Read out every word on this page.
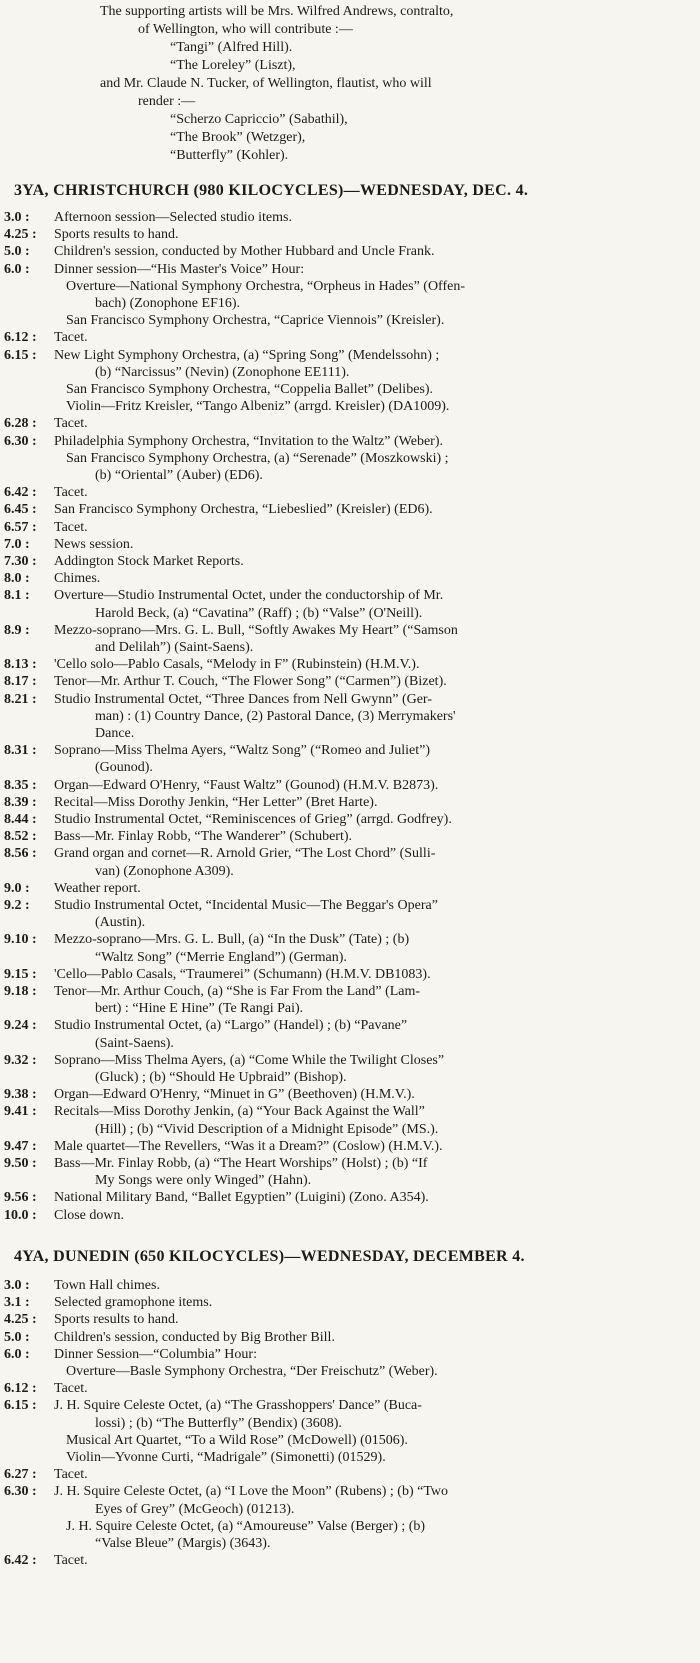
The supporting artists will be Mrs. Wilfred Andrews, contralto,
of Wellington, who will contribute :—
“Tangi” (Alfred Hill).
“The Loreley” (Liszt),
and Mr. Claude N. Tucker, of Wellington, flautist, who will
render :—
“Scherzo Capriccio” (Sabathil),
“The Brook” (Wetzger),
“Butterfly” (Kohler).
3YA, CHRISTCHURCH (980 KILOCYCLES)—WEDNESDAY, DEC. 4.
3.0 :	Afternoon session—Selected studio items.
4.25 :	Sports results to hand.
5.0 :	Children's session, conducted by Mother Hubbard and Uncle Frank.
6.0 :	Dinner session—“His Master's Voice” Hour:
Overture—National Symphony Orchestra, “Orpheus in Hades” (Offen-
bach) (Zonophone EF16).
San Francisco Symphony Orchestra, “Caprice Viennois” (Kreisler).
6.12 :	Tacet.
6.15 :	New Light Symphony Orchestra, (a) “Spring Song” (Mendelssohn) ;
(b) “Narcissus” (Nevin) (Zonophone EE111).
San Francisco Symphony Orchestra, “Coppelia Ballet” (Delibes).
Violin—Fritz Kreisler, “Tango Albeniz” (arrgd. Kreisler) (DA1009).
6.28 :	Tacet.
6.30 :	Philadelphia Symphony Orchestra, “Invitation to the Waltz” (Weber).
San Francisco Symphony Orchestra, (a) “Serenade” (Moszkowski) ;
(b) “Oriental” (Auber) (ED6).
6.42 :	Tacet.
6.45 :	San Francisco Symphony Orchestra, “Liebeslied” (Kreisler) (ED6).
6.57 :	Tacet.
7.0 :	News session.
7.30 :	Addington Stock Market Reports.
8.0 :	Chimes.
8.1 :	Overture—Studio Instrumental Octet, under the conductorship of Mr.
Harold Beck, (a) “Cavatina” (Raff) ; (b) “Valse” (O'Neill).
8.9 :	Mezzo-soprano—Mrs. G. L. Bull, “Softly Awakes My Heart” (“Samson
and Delilah”) (Saint-Saens).
8.13 :	'Cello solo—Pablo Casals, “Melody in F” (Rubinstein) (H.M.V.).
8.17 :	Tenor—Mr. Arthur T. Couch, “The Flower Song” (“Carmen”) (Bizet).
8.21 :	Studio Instrumental Octet, “Three Dances from Nell Gwynn” (Ger-
man) : (1) Country Dance, (2) Pastoral Dance, (3) Merrymakers'
Dance.
8.31 :	Soprano—Miss Thelma Ayers, “Waltz Song” (“Romeo and Juliet”)
(Gounod).
8.35 :	Organ—Edward O'Henry, “Faust Waltz” (Gounod) (H.M.V. B2873).
8.39 :	Recital—Miss Dorothy Jenkin, “Her Letter” (Bret Harte).
8.44 :	Studio Instrumental Octet, “Reminiscences of Grieg” (arrgd. Godfrey).
8.52 :	Bass—Mr. Finlay Robb, “The Wanderer” (Schubert).
8.56 :	Grand organ and cornet—R. Arnold Grier, “The Lost Chord” (Sulli-
van) (Zonophone A309).
9.0 :	Weather report.
9.2 :	Studio Instrumental Octet, “Incidental Music—The Beggar's Opera”
(Austin).
9.10 :	Mezzo-soprano—Mrs. G. L. Bull, (a) “In the Dusk” (Tate) ; (b)
“Waltz Song” (“Merrie England”) (German).
9.15 :	'Cello—Pablo Casals, “Traumerei” (Schumann) (H.M.V. DB1083).
9.18 :	Tenor—Mr. Arthur Couch, (a) “She is Far From the Land” (Lam-
bert) : “Hine E Hine” (Te Rangi Pai).
9.24 :	Studio Instrumental Octet, (a) “Largo” (Handel) ; (b) “Pavane”
(Saint-Saens).
9.32 :	Soprano—Miss Thelma Ayers, (a) “Come While the Twilight Closes”
(Gluck) ; (b) “Should He Upbraid” (Bishop).
9.38 :	Organ—Edward O'Henry, “Minuet in G” (Beethoven) (H.M.V.).
9.41 :	Recitals—Miss Dorothy Jenkin, (a) “Your Back Against the Wall”
(Hill) ; (b) “Vivid Description of a Midnight Episode” (MS.).
9.47 :	Male quartet—The Revellers, “Was it a Dream?” (Coslow) (H.M.V.).
9.50 :	Bass—Mr. Finlay Robb, (a) “The Heart Worships” (Holst) ; (b) “If
My Songs were only Winged” (Hahn).
9.56 :	National Military Band, “Ballet Egyptien” (Luigini) (Zono. A354).
10.0 :	Close down.
4YA, DUNEDIN (650 KILOCYCLES)—WEDNESDAY, DECEMBER 4.
3.0 :	Town Hall chimes.
3.1 :	Selected gramophone items.
4.25 :	Sports results to hand.
5.0 :	Children's session, conducted by Big Brother Bill.
6.0 :	Dinner Session—“Columbia” Hour:
Overture—Basle Symphony Orchestra, “Der Freischutz” (Weber).
6.12 :	Tacet.
6.15 :	J. H. Squire Celeste Octet, (a) “The Grasshoppers' Dance” (Buca-
lossi) ; (b) “The Butterfly” (Bendix) (3608).
Musical Art Quartet, “To a Wild Rose” (McDowell) (01506).
Violin—Yvonne Curti, “Madrigale” (Simonetti) (01529).
6.27 :	Tacet.
6.30 :	J. H. Squire Celeste Octet, (a) “I Love the Moon” (Rubens) ; (b) “Two
Eyes of Grey” (McGeoch) (01213).
J. H. Squire Celeste Octet, (a) “Amoureuse” Valse (Berger) ; (b)
“Valse Bleue” (Margis) (3643).
6.42 :	Tacet.
